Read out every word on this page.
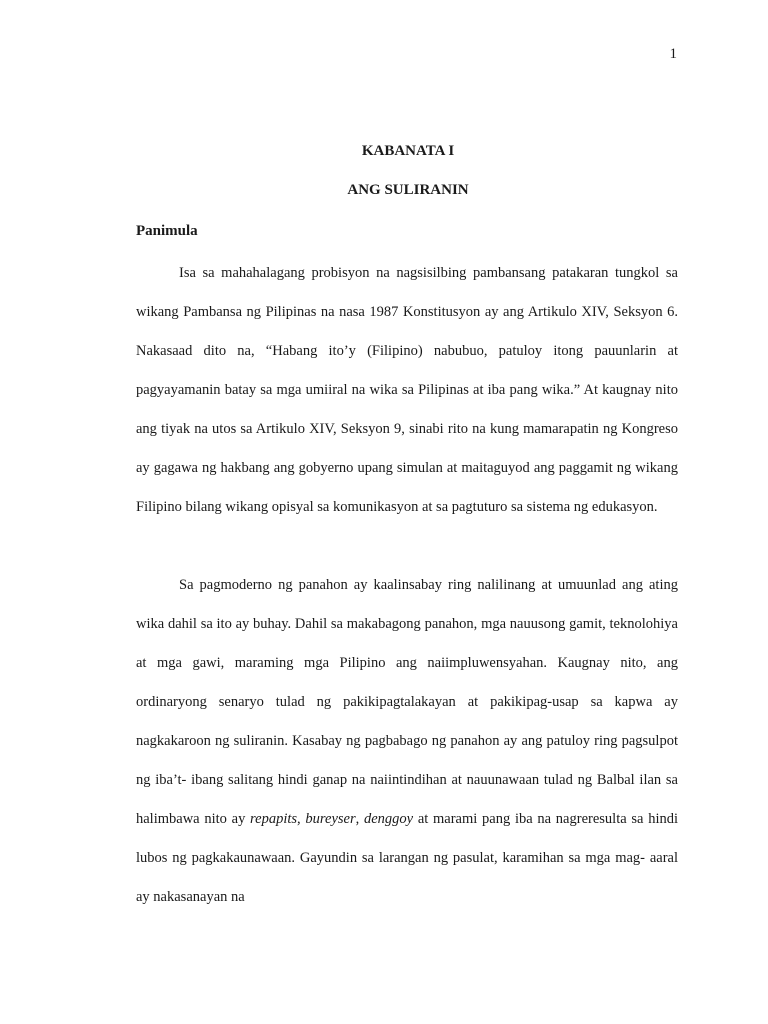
1
KABANATA I
ANG SULIRANIN
Panimula

Isa sa mahahalagang probisyon na nagsisilbing pambansang patakaran tungkol sa wikang Pambansa ng Pilipinas na nasa 1987 Konstitusyon ay ang Artikulo XIV, Seksyon 6. Nakasaad dito na, “Habang ito’y (Filipino) nabubuo, patuloy itong pauunlarin at pagyayamanin batay sa mga umiiral na wika sa Pilipinas at iba pang wika.” At kaugnay nito ang tiyak na utos sa Artikulo XIV, Seksyon 9, sinabi rito na kung mamarapatin ng Kongreso ay gagawa ng hakbang ang gobyerno upang simulan at maitaguyod ang paggamit ng wikang Filipino bilang wikang opisyal sa komunikasyon at sa pagtuturo sa sistema ng edukasyon.

Sa pagmoderno ng panahon ay kaalinsabay ring nalilinang at umuunlad ang ating wika dahil sa ito ay buhay. Dahil sa makabagong panahon, mga nauusong gamit, teknolohiya at mga gawi, maraming mga Pilipino ang naiimpluwensyahan. Kaugnay nito, ang ordinaryong senaryo tulad ng pakikipagtalakayan at pakikipag-usap sa kapwa ay nagkakaroon ng suliranin. Kasabay ng pagbabago ng panahon ay ang patuloy ring pagsulpot ng iba’t- ibang salitang hindi ganap na naiintindihan at nauunawaan tulad ng Balbal ilan sa halimbawa nito ay repapits, bureyser, denggoy at marami pang iba na nagreresulta sa hindi lubos ng pagkakaunawaan. Gayundin sa larangan ng pasulat, karamihan sa mga mag- aaral ay nakasanayan na
